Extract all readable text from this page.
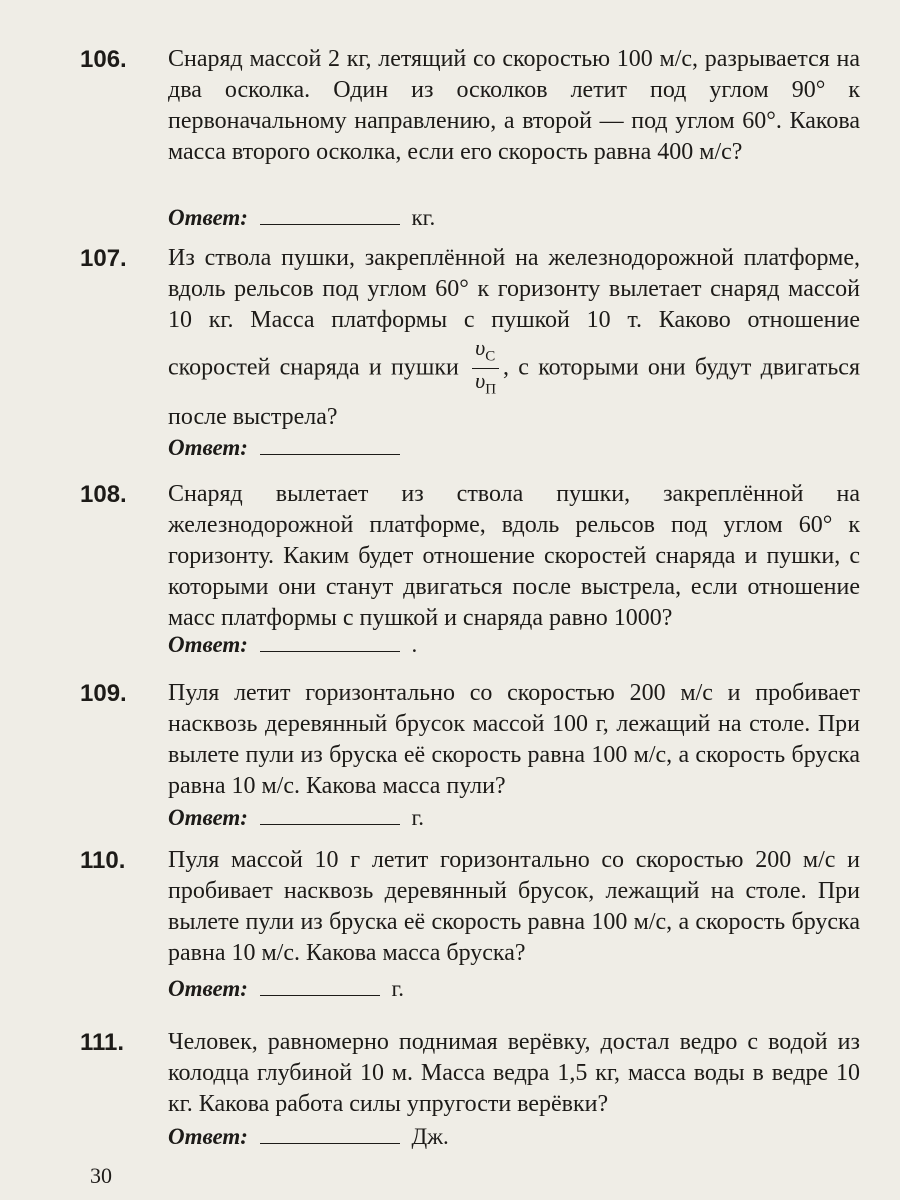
106. Снаряд массой 2 кг, летящий со скоростью 100 м/с, разрывается на два осколка. Один из осколков летит под углом 90° к первоначальному направлению, а второй — под углом 60°. Какова масса второго осколка, если его скорость равна 400 м/с?
Ответ:	кг.
107. Из ствола пушки, закреплённой на железнодорожной платформе, вдоль рельсов под углом 60° к горизонту вылетает снаряд массой 10 кг. Масса платформы с пушкой 10 т. Каково отношение скоростей снаряда и пушки $\frac{\upsilon_С}{\upsilon_П}$ , с которыми они будут двигаться после выстрела?
Ответ:
108. Снаряд вылетает из ствола пушки, закреплённой на железнодорожной платформе, вдоль рельсов под углом 60° к горизонту. Каким будет отношение скоростей снаряда и пушки, с которыми они станут двигаться после выстрела, если отношение масс платформы с пушкой и снаряда равно 1000?
Ответ:	.
109. Пуля летит горизонтально со скоростью 200 м/с и пробивает насквозь деревянный брусок массой 100 г, лежащий на столе. При вылете пули из бруска её скорость равна 100 м/с, а скорость бруска равна 10 м/с. Какова масса пули?
Ответ:	г.
110. Пуля массой 10 г летит горизонтально со скоростью 200 м/с и пробивает насквозь деревянный брусок, лежащий на столе. При вылете пули из бруска её скорость равна 100 м/с, а скорость бруска равна 10 м/с. Какова масса бруска?
Ответ:	г.
111. Человек, равномерно поднимая верёвку, достал ведро с водой из колодца глубиной 10 м. Масса ведра 1,5 кг, масса воды в ведре 10 кг. Какова работа силы упругости верёвки?
Ответ:	Дж.
30
